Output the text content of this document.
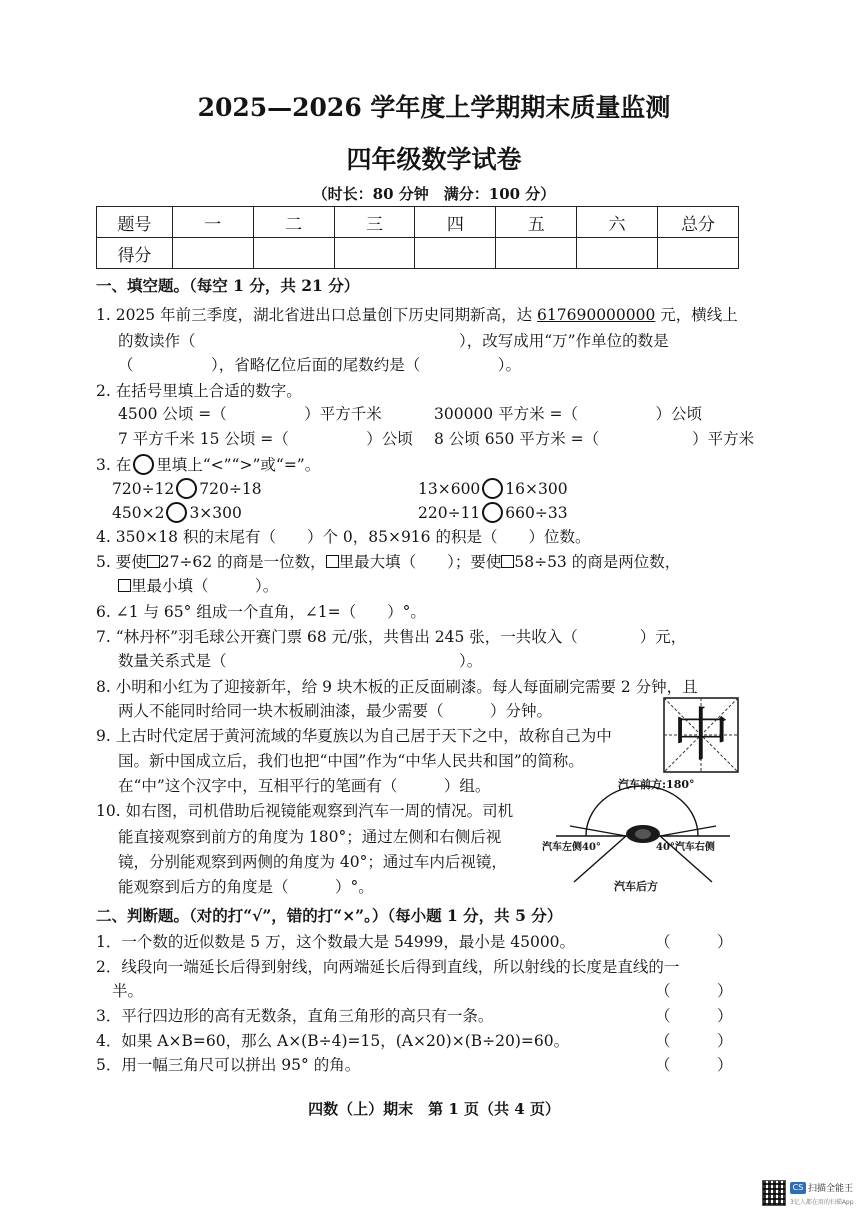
2025—2026 学年度上学期期末质量监测
四年级数学试卷
（时长：80 分钟　满分：100 分）
题号	一	二	三	四	五	六	总分
得分							
一、填空题。（每空 1 分，共 21 分）
1. 2025 年前三季度，湖北省进出口总量创下历史同期新高，达 617690000000 元，横线上
的数读作（　　　　　　　　　　　　　　　　　），改写成用“万”作单位的数是
（　　　　　），省略亿位后面的尾数约是（　　　　　）。
2. 在括号里填上合适的数字。
4500 公顷 =（　　　　　）平方千米	300000 平方米 =（　　　　　）公顷
7 平方千米 15 公顷 =（　　　　　）公顷 8 公顷 650 平方米 =（　　　　　　）平方米
3. 在 里填上“<”“>”或“=”。
720÷12 720÷18	13×600 16×300
450×2 3×300	220÷11 660÷33
4. 350×18 积的末尾有（　　）个 0，85×916 的积是（　　）位数。
5. 要使 27÷62 的商是一位数， 里最大填（　　）；要使 58÷53 的商是两位数，
里最小填（　　　）。
6. ∠1 与 65° 组成一个直角，∠1=（　　）°。
7. “林丹杯”羽毛球公开赛门票 68 元/张，共售出 245 张，一共收入（　　　　）元，
数量关系式是（　　　　　　　　　　　　　　　）。
8. 小明和小红为了迎接新年，给 9 块木板的正反面刷漆。每人每面刷完需要 2 分钟，且
两人不能同时给同一块木板刷油漆，最少需要（　　　）分钟。
9. 上古时代定居于黄河流域的华夏族以为自己居于天下之中，故称自己为中
国。新中国成立后，我们也把“中国”作为“中华人民共和国”的简称。
在“中”这个汉字中，互相平行的笔画有（　　　）组。
中
10. 如右图，司机借助后视镜能观察到汽车一周的情况。司机
能直接观察到前方的角度为 180°；通过左侧和右侧后视
镜，分别能观察到两侧的角度为 40°；通过车内后视镜，
能观察到后方的角度是（　　　）°。
汽车前方:180°
汽车左侧40°	40°汽车右侧
汽车后方
二、判断题。（对的打“√”，错的打“×”。）（每小题 1 分，共 5 分）
1．一个数的近似数是 5 万，这个数最大是 54999，最小是 45000。	（　　　）
2．线段向一端延长后得到射线，向两端延长后得到直线，所以射线的长度是直线的一
半。	（　　　）
3．平行四边形的高有无数条，直角三角形的高只有一条。	（　　　）
4．如果 A×B=60，那么 A×(B÷4)=15，(A×20)×(B÷20)=60。	（　　　）
5．用一幅三角尺可以拼出 95° 的角。	（　　　）
四数（上）期末　第 1 页（共 4 页）
CS 扫描全能王
3亿人都在用的扫描App
